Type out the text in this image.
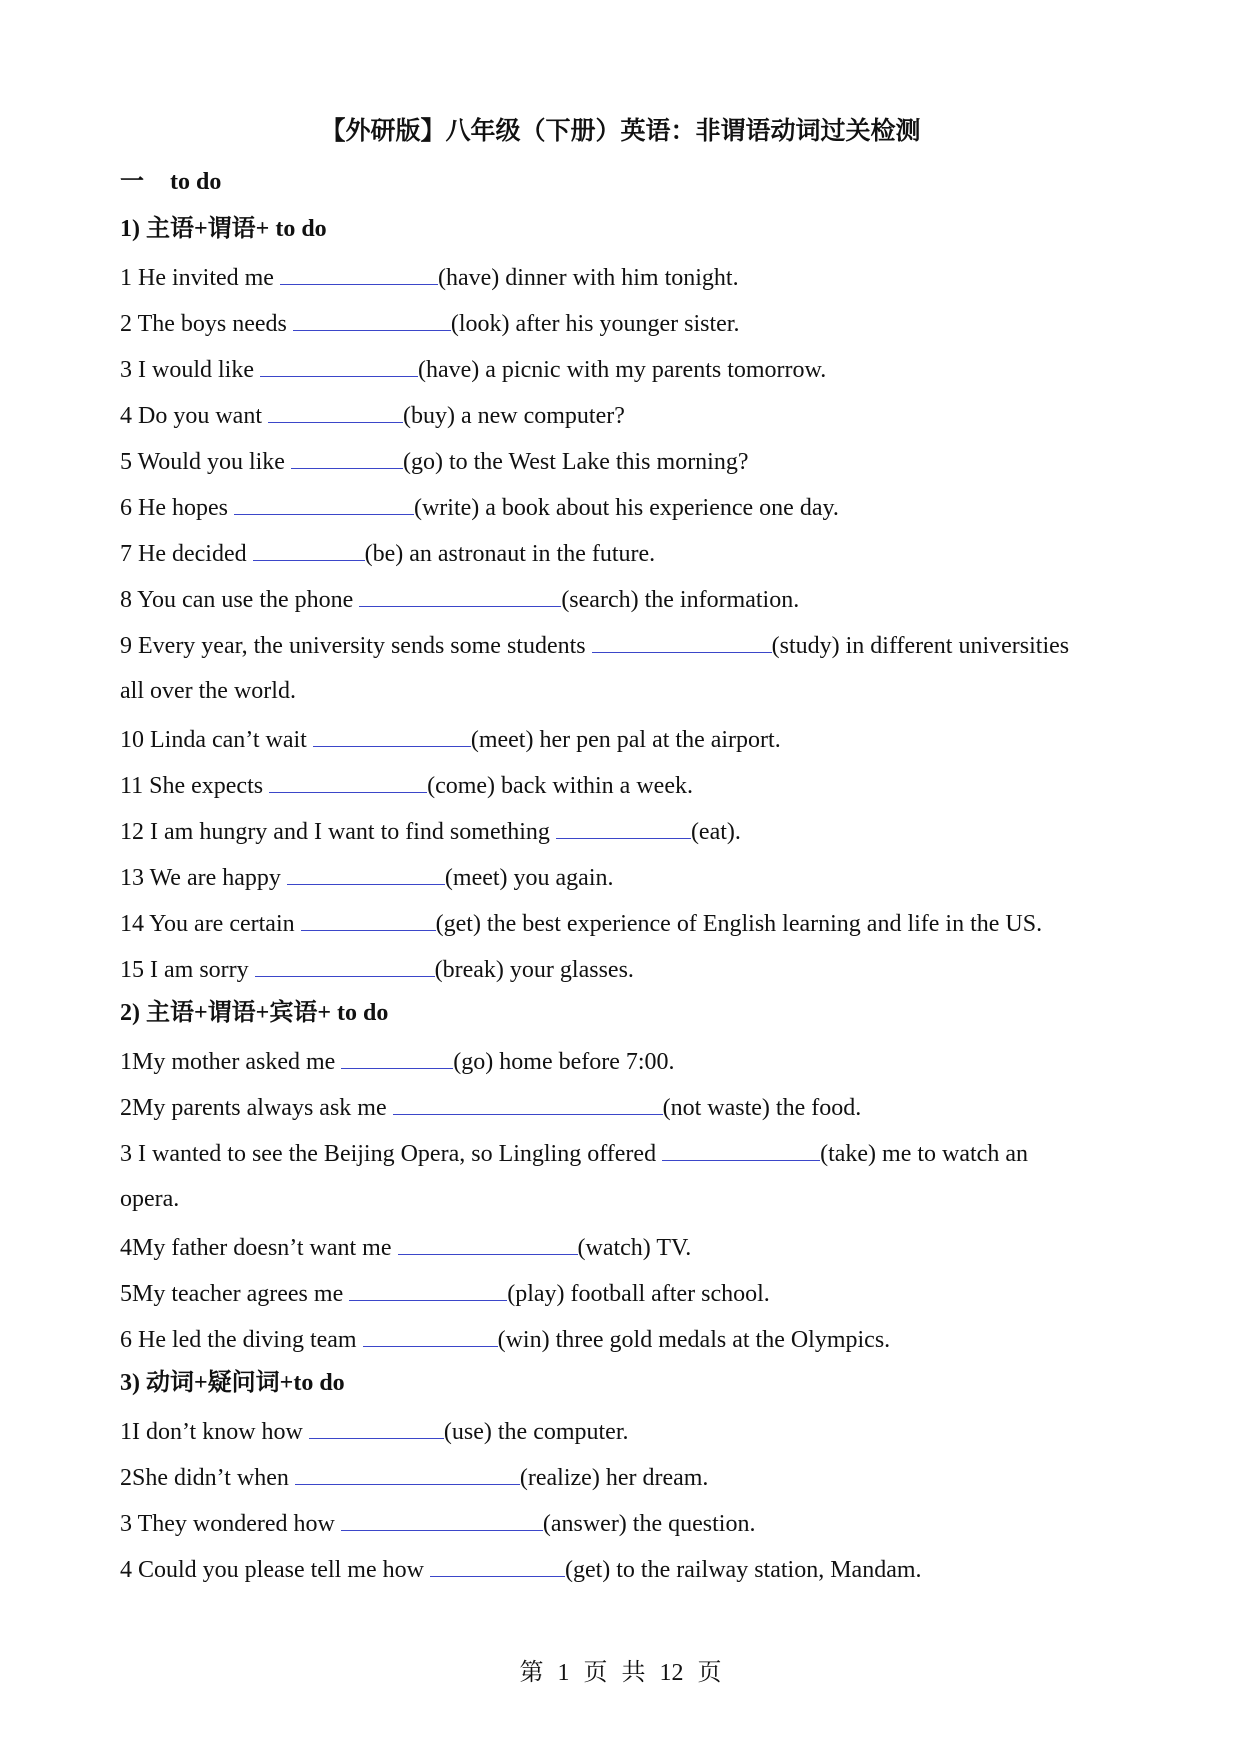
【外研版】八年级（下册）英语：非谓语动词过关检测
一 to do
1) 主语+谓语+ to do
1 He invited me	(have) dinner with him tonight.
2 The boys needs	(look) after his younger sister.
3 I would like	(have) a picnic with my parents tomorrow.
4 Do you want	(buy) a new computer?
5 Would you like	(go) to the West Lake this morning?
6 He hopes	(write) a book about his experience one day.
7 He decided	(be) an astronaut in the future.
8 You can use the phone	(search) the information.
9 Every year, the university sends some students	(study) in different universities
all over the world.
10 Linda can’t wait	(meet) her pen pal at the airport.
11 She expects	(come) back within a week.
12 I am hungry and I want to find something	(eat).
13 We are happy	(meet) you again.
14 You are certain	(get) the best experience of English learning and life in the US.
15 I am sorry	(break) your glasses.
2) 主语+谓语+宾语+ to do
1My mother asked me	(go) home before 7:00.
2My parents always ask me	(not waste) the food.
3 I wanted to see the Beijing Opera, so Lingling offered	(take) me to watch an
opera.
4My father doesn’t want me	(watch) TV.
5My teacher agrees me	(play) football after school.
6 He led the diving team	(win) three gold medals at the Olympics.
3) 动词+疑问词+to do
1I don’t know how	(use) the computer.
2She didn’t when	(realize) her dream.
3 They wondered how	(answer) the question.
4 Could you please tell me how	(get) to the railway station, Mandam.
第 1 页 共 12 页
